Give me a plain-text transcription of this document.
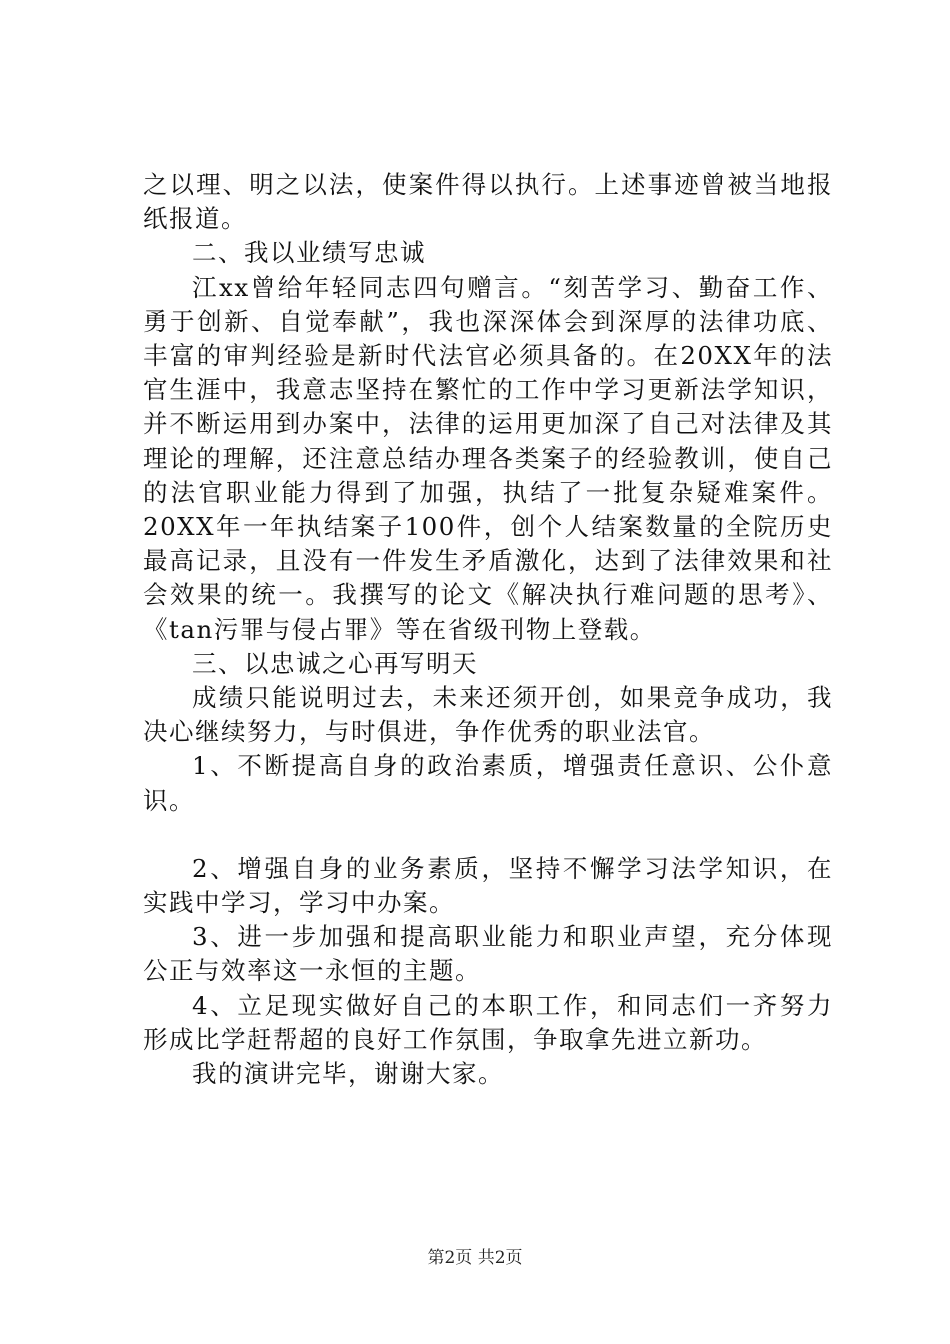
之以理、明之以法，使案件得以执行。上述事迹曾被当地报纸报道。

二、我以业绩写忠诚

江xx曾给年轻同志四句赠言。“刻苦学习、勤奋工作、勇于创新、自觉奉献”，我也深深体会到深厚的法律功底、丰富的审判经验是新时代法官必须具备的。在20XX年的法官生涯中，我意志坚持在繁忙的工作中学习更新法学知识，并不断运用到办案中，法律的运用更加深了自己对法律及其理论的理解，还注意总结办理各类案子的经验教训，使自己的法官职业能力得到了加强，执结了一批复杂疑难案件。20XX年一年执结案子100件，创个人结案数量的全院历史最高记录，且没有一件发生矛盾激化，达到了法律效果和社会效果的统一。我撰写的论文《解决执行难问题的思考》、《tan污罪与侵占罪》等在省级刊物上登载。

三、以忠诚之心再写明天

成绩只能说明过去，未来还须开创，如果竞争成功，我决心继续努力，与时俱进，争作优秀的职业法官。

1、不断提高自身的政治素质，增强责任意识、公仆意识。

2、增强自身的业务素质，坚持不懈学习法学知识，在实践中学习，学习中办案。

3、进一步加强和提高职业能力和职业声望，充分体现公正与效率这一永恒的主题。

4、立足现实做好自己的本职工作，和同志们一齐努力形成比学赶帮超的良好工作氛围，争取拿先进立新功。

我的演讲完毕，谢谢大家。

第2页 共2页
